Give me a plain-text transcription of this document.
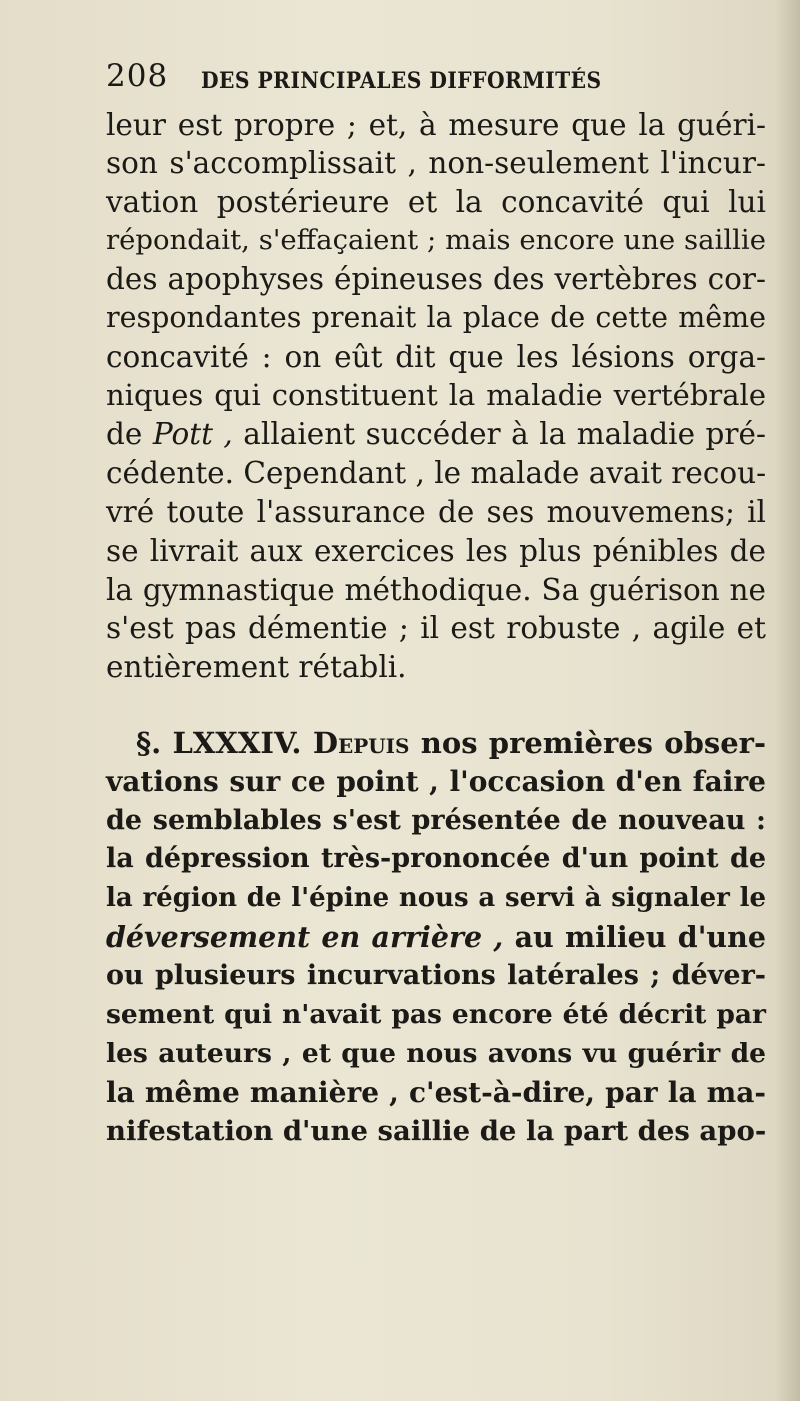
208 DES PRINCIPALES DIFFORMITÉS
leur est propre ; et, à mesure que la guéri-
son s'accomplissait , non-seulement l'incur-
vation postérieure et la concavité qui lui
répondait, s'effaçaient ; mais encore une saillie
des apophyses épineuses des vertèbres cor-
respondantes prenait la place de cette même
concavité : on eût dit que les lésions orga-
niques qui constituent la maladie vertébrale
de Pott , allaient succéder à la maladie pré-
cédente. Cependant , le malade avait recou-
vré toute l'assurance de ses mouvemens; il
se livrait aux exercices les plus pénibles de
la gymnastique méthodique. Sa guérison ne
s'est pas démentie ; il est robuste , agile et
entièrement rétabli.
§. LXXXIV. Depuis nos premières obser-
vations sur ce point , l'occasion d'en faire
de semblables s'est présentée de nouveau :
la dépression très-prononcée d'un point de
la région de l'épine nous a servi à signaler le
déversement en arrière , au milieu d'une
ou plusieurs incurvations latérales ; déver-
sement qui n'avait pas encore été décrit par
les auteurs , et que nous avons vu guérir de
la même manière , c'est-à-dire, par la ma-
nifestation d'une saillie de la part des apo-
